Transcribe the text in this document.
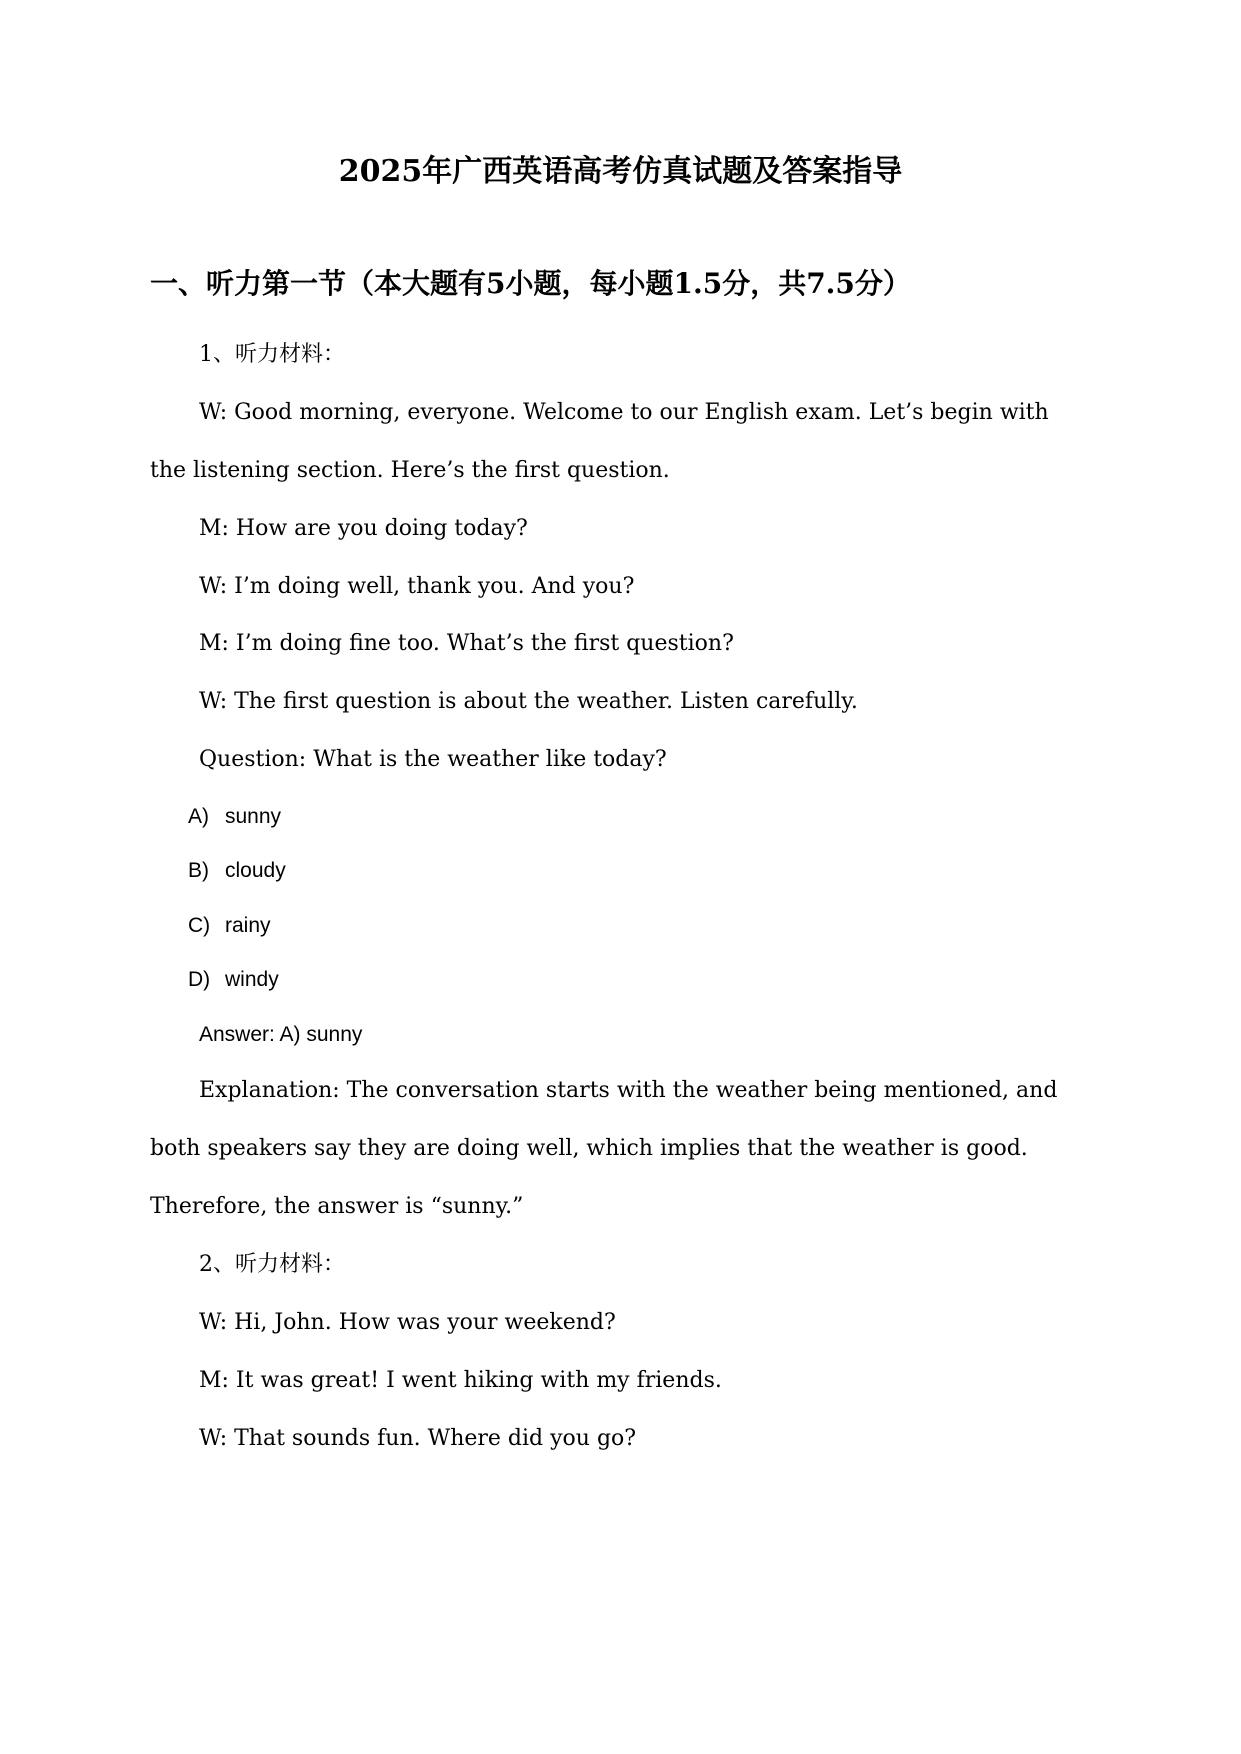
2025年广西英语高考仿真试题及答案指导
一、听力第一节（本大题有5小题，每小题1.5分，共7.5分）
1、听力材料：
W: Good morning, everyone. Welcome to our English exam. Let’s begin with
the listening section. Here’s the first question.
M: How are you doing today?
W: I’m doing well, thank you. And you?
M: I’m doing fine too. What’s the first question?
W: The first question is about the weather. Listen carefully.
Question: What is the weather like today?
A) sunny
B) cloudy
C) rainy
D) windy
Answer: A) sunny
Explanation: The conversation starts with the weather being mentioned, and
both speakers say they are doing well, which implies that the weather is good.
Therefore, the answer is “sunny.”
2、听力材料：
W: Hi, John. How was your weekend?
M: It was great! I went hiking with my friends.
W: That sounds fun. Where did you go?
